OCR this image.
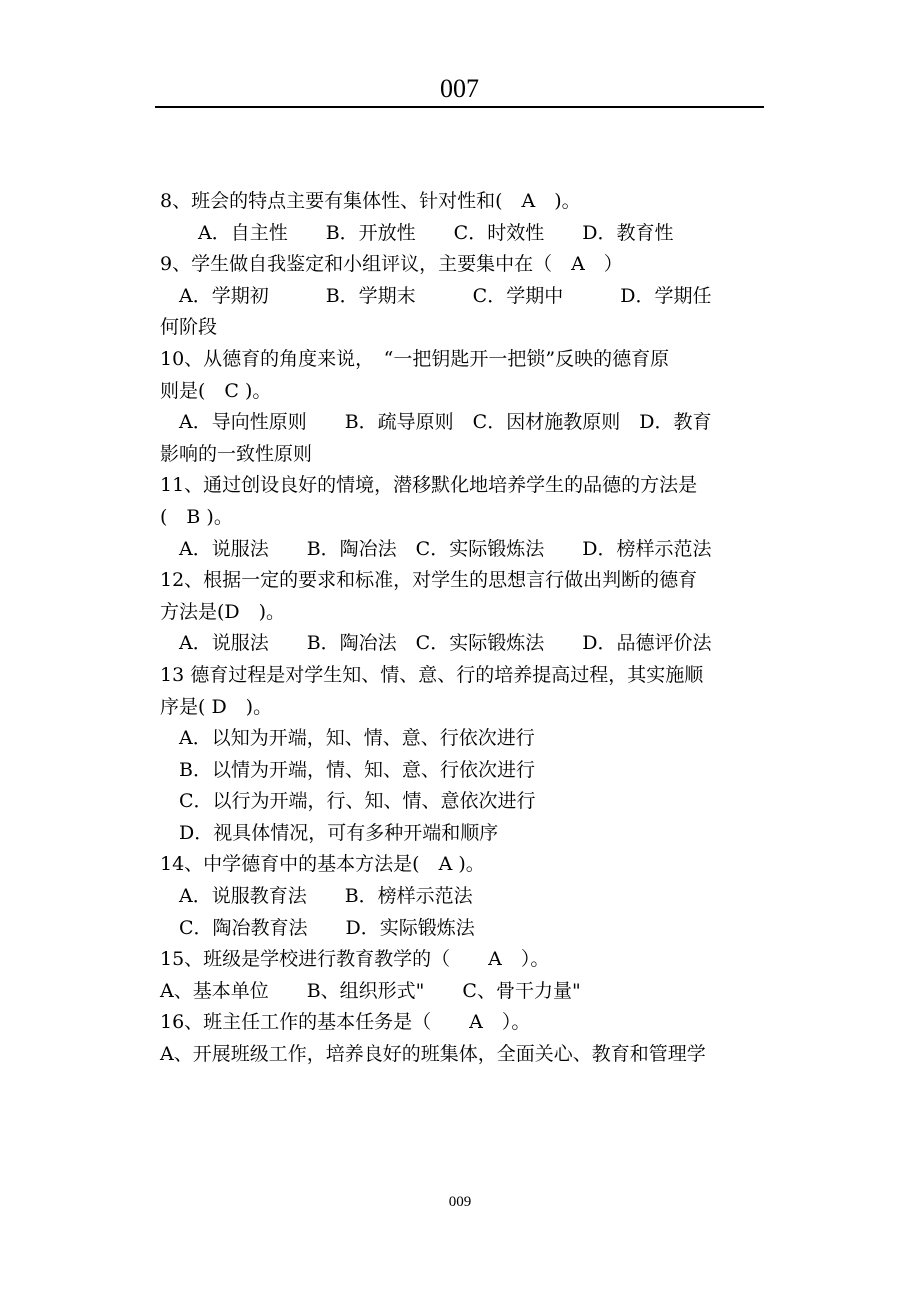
007
8、班会的特点主要有集体性、针对性和(　A　)。
　　A．自主性　　B．开放性　　C．时效性　　D．教育性
9、学生做自我鉴定和小组评议，主要集中在（　A　）
　A．学期初　　　B．学期末　　　C．学期中　　　D．学期任
何阶段
10、从德育的角度来说，　“一把钥匙开一把锁”反映的德育原
则是(　C )。
　A．导向性原则　　B．疏导原则　C．因材施教原则　D．教育
影响的一致性原则
11、通过创设良好的情境，潜移默化地培养学生的品德的方法是
(　B )。
　A．说服法　　B．陶冶法　C．实际锻炼法　　D．榜样示范法
12、根据一定的要求和标准，对学生的思想言行做出判断的德育
方法是(D　)。
　A．说服法　　B．陶冶法　C．实际锻炼法　　D．品德评价法
13 德育过程是对学生知、情、意、行的培养提高过程，其实施顺
序是( D　)。
　A．以知为开端，知、情、意、行依次进行
　B．以情为开端，情、知、意、行依次进行
　C．以行为开端，行、知、情、意依次进行
　D．视具体情况，可有多种开端和顺序
14、中学德育中的基本方法是(　A )。
　A．说服教育法　　B．榜样示范法
　C．陶冶教育法　　D．实际锻炼法
15、班级是学校进行教育教学的（　　A　）。
A、基本单位　　B、组织形式"　　C、骨干力量"
16、班主任工作的基本任务是（　　A　）。
A、开展班级工作，培养良好的班集体，全面关心、教育和管理学
009
